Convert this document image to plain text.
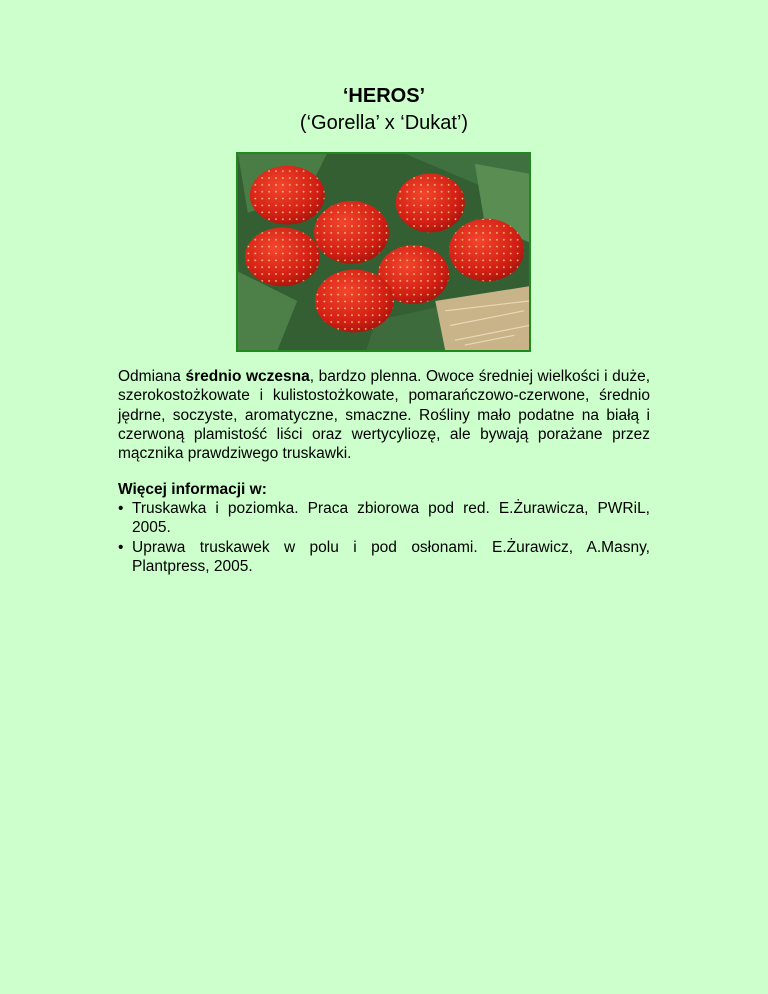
‘HEROS’
(‘Gorella’ x ‘Dukat’)

Odmiana średnio wczesna, bardzo plenna. Owoce średniej wielkości i duże, szerokostożkowate i kulistostożkowate, pomarańczowo-czerwone, średnio jędrne, soczyste, aromatyczne, smaczne. Rośliny mało podatne na białą i czerwoną plamistość liści oraz wertycyliozę, ale bywają porażane przez mącznika prawdziwego truskawki.

Więcej informacji w:
• Truskawka i poziomka. Praca zbiorowa pod red. E.Żurawicza, PWRiL, 2005.
• Uprawa truskawek w polu i pod osłonami. E.Żurawicz, A.Masny, Plantpress, 2005.
